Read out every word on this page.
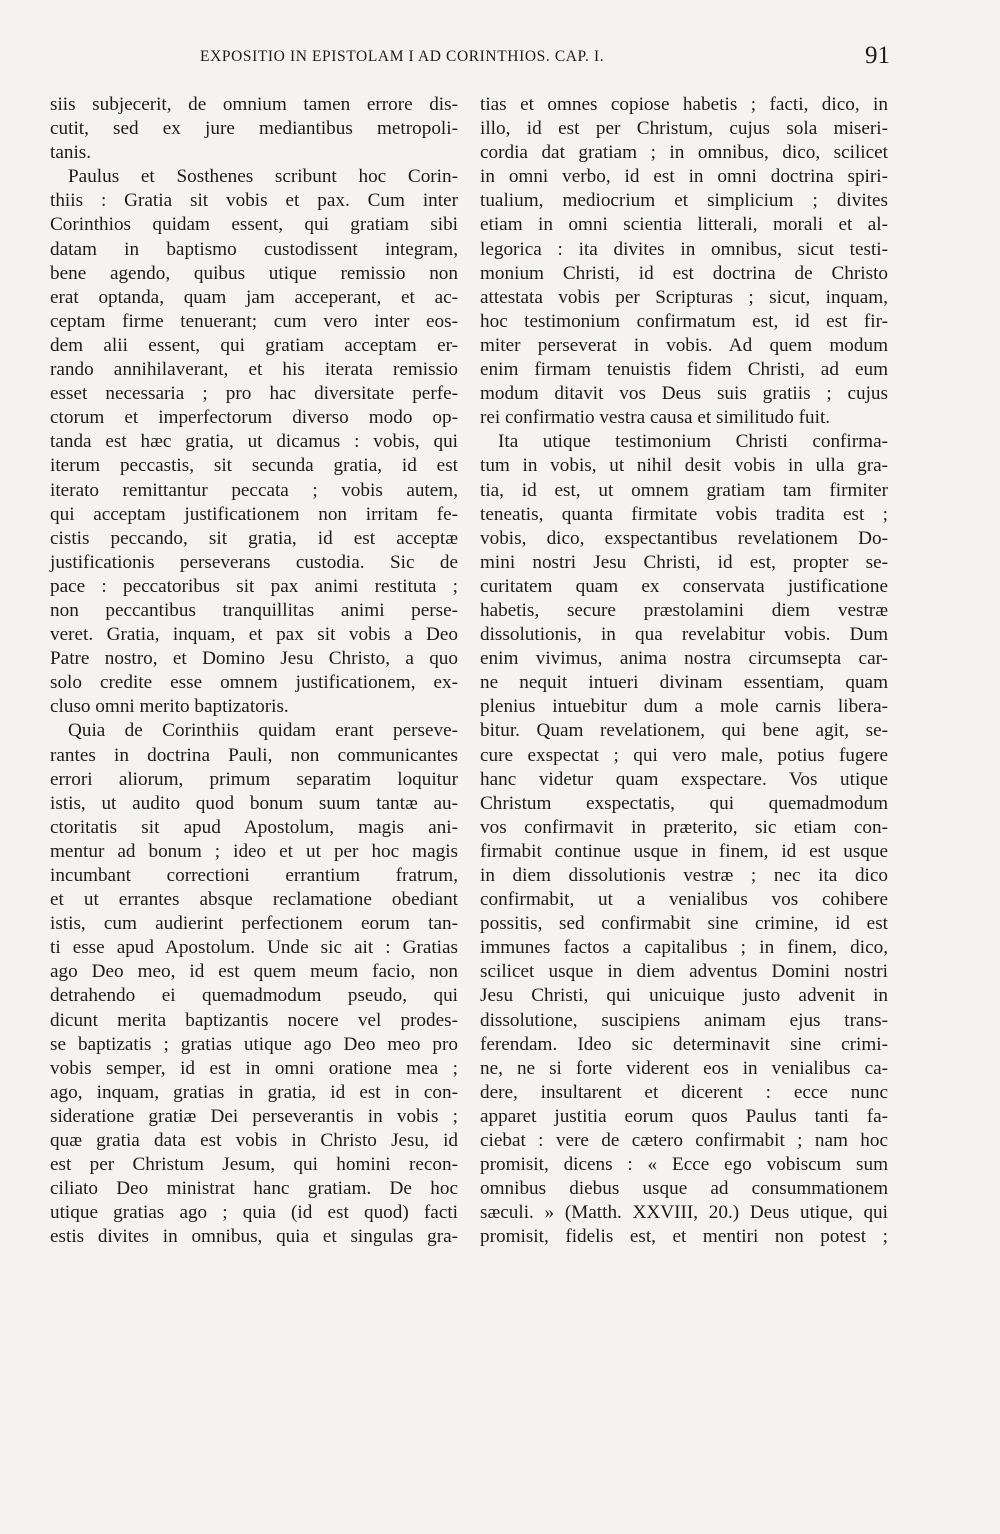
EXPOSITIO IN EPISTOLAM I AD CORINTHIOS. CAP. I.	91
siis subjecerit, de omnium tamen errore dis-
cutit, sed ex jure mediantibus metropoli-
tanis.
Paulus et Sosthenes scribunt hoc Corin-
thiis : Gratia sit vobis et pax. Cum inter
Corinthios quidam essent, qui gratiam sibi
datam in baptismo custodissent integram,
bene agendo, quibus utique remissio non
erat optanda, quam jam acceperant, et ac-
ceptam firme tenuerant; cum vero inter eos-
dem alii essent, qui gratiam acceptam er-
rando annihilaverant, et his iterata remissio
esset necessaria ; pro hac diversitate perfe-
ctorum et imperfectorum diverso modo op-
tanda est hæc gratia, ut dicamus : vobis, qui
iterum peccastis, sit secunda gratia, id est
iterato remittantur peccata ; vobis autem,
qui acceptam justificationem non irritam fe-
cistis peccando, sit gratia, id est acceptæ
justificationis perseverans custodia. Sic de
pace : peccatoribus sit pax animi restituta ;
non peccantibus tranquillitas animi perse-
veret. Gratia, inquam, et pax sit vobis a Deo
Patre nostro, et Domino Jesu Christo, a quo
solo credite esse omnem justificationem, ex-
cluso omni merito baptizatoris.
Quia de Corinthiis quidam erant perseve-
rantes in doctrina Pauli, non communicantes
errori aliorum, primum separatim loquitur
istis, ut audito quod bonum suum tantæ au-
ctoritatis sit apud Apostolum, magis ani-
mentur ad bonum ; ideo et ut per hoc magis
incumbant correctioni errantium fratrum,
et ut errantes absque reclamatione obediant
istis, cum audierint perfectionem eorum tan-
ti esse apud Apostolum. Unde sic ait : Gratias
ago Deo meo, id est quem meum facio, non
detrahendo ei quemadmodum pseudo, qui
dicunt merita baptizantis nocere vel prodes-
se baptizatis ; gratias utique ago Deo meo pro
vobis semper, id est in omni oratione mea ;
ago, inquam, gratias in gratia, id est in con-
sideratione gratiæ Dei perseverantis in vobis ;
quæ gratia data est vobis in Christo Jesu, id
est per Christum Jesum, qui homini recon-
ciliato Deo ministrat hanc gratiam. De hoc
utique gratias ago ; quia (id est quod) facti
estis divites in omnibus, quia et singulas gra-
tias et omnes copiose habetis ; facti, dico, in
illo, id est per Christum, cujus sola miseri-
cordia dat gratiam ; in omnibus, dico, scilicet
in omni verbo, id est in omni doctrina spiri-
tualium, mediocrium et simplicium ; divites
etiam in omni scientia litterali, morali et al-
legorica : ita divites in omnibus, sicut testi-
monium Christi, id est doctrina de Christo
attestata vobis per Scripturas ; sicut, inquam,
hoc testimonium confirmatum est, id est fir-
miter perseverat in vobis. Ad quem modum
enim firmam tenuistis fidem Christi, ad eum
modum ditavit vos Deus suis gratiis ; cujus
rei confirmatio vestra causa et similitudo fuit.
Ita utique testimonium Christi confirma-
tum in vobis, ut nihil desit vobis in ulla gra-
tia, id est, ut omnem gratiam tam firmiter
teneatis, quanta firmitate vobis tradita est ;
vobis, dico, exspectantibus revelationem Do-
mini nostri Jesu Christi, id est, propter se-
curitatem quam ex conservata justificatione
habetis, secure præstolamini diem vestræ
dissolutionis, in qua revelabitur vobis. Dum
enim vivimus, anima nostra circumsepta car-
ne nequit intueri divinam essentiam, quam
plenius intuebitur dum a mole carnis libera-
bitur. Quam revelationem, qui bene agit, se-
cure exspectat ; qui vero male, potius fugere
hanc videtur quam exspectare. Vos utique
Christum exspectatis, qui quemadmodum
vos confirmavit in præterito, sic etiam con-
firmabit continue usque in finem, id est usque
in diem dissolutionis vestræ ; nec ita dico
confirmabit, ut a venialibus vos cohibere
possitis, sed confirmabit sine crimine, id est
immunes factos a capitalibus ; in finem, dico,
scilicet usque in diem adventus Domini nostri
Jesu Christi, qui unicuique justo advenit in
dissolutione, suscipiens animam ejus trans-
ferendam. Ideo sic determinavit sine crimi-
ne, ne si forte viderent eos in venialibus ca-
dere, insultarent et dicerent : ecce nunc
apparet justitia eorum quos Paulus tanti fa-
ciebat : vere de cætero confirmabit ; nam hoc
promisit, dicens : « Ecce ego vobiscum sum
omnibus diebus usque ad consummationem
sæculi. » (Matth. XXVIII, 20.) Deus utique, qui
promisit, fidelis est, et mentiri non potest ;
